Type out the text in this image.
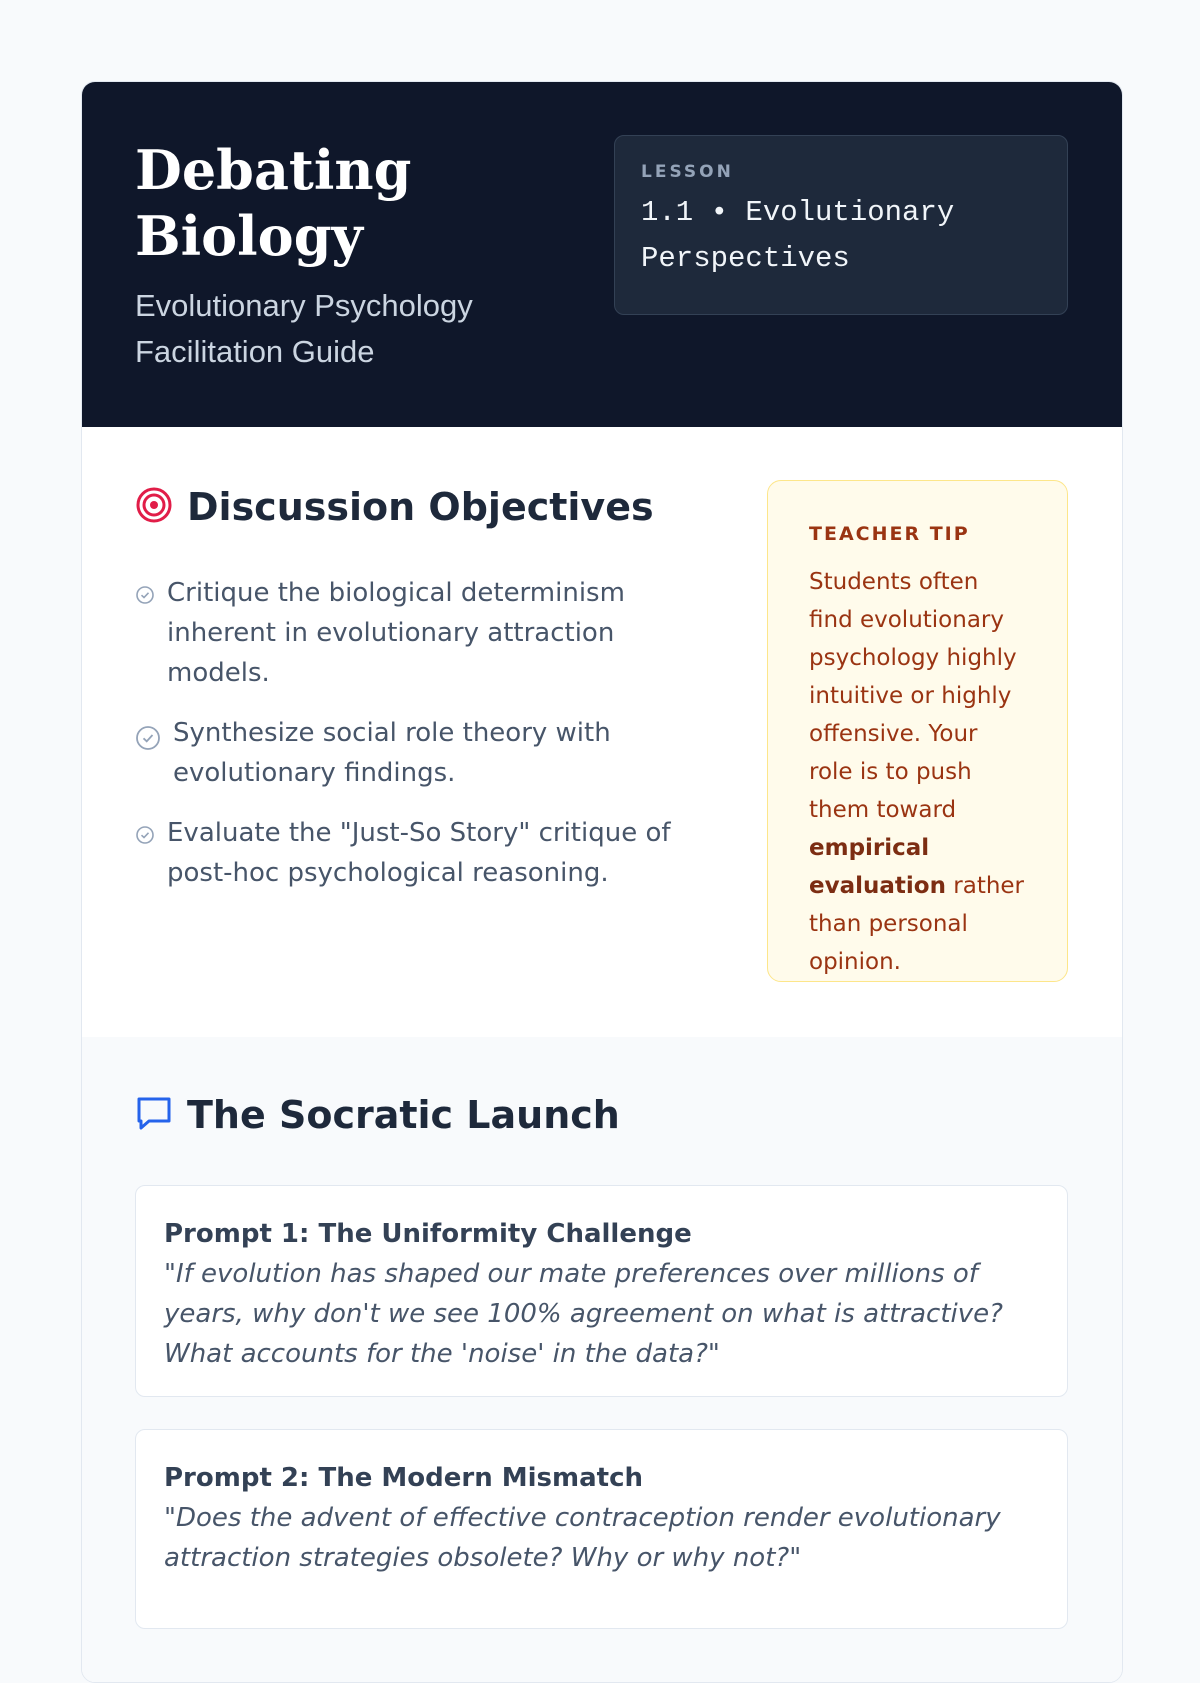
Debating Biology
Evolutionary Psychology Facilitation Guide
LESSON
1.1 • Evolutionary Perspectives
Discussion Objectives
Critique the biological determinism inherent in evolutionary attraction models.
Synthesize social role theory with evolutionary findings.
Evaluate the "Just-So Story" critique of post-hoc psychological reasoning.
TEACHER TIP
Students often find evolutionary psychology highly intuitive or highly offensive. Your role is to push them toward empirical evaluation rather than personal opinion.
The Socratic Launch
Prompt 1: The Uniformity Challenge
"If evolution has shaped our mate preferences over millions of years, why don't we see 100% agreement on what is attractive? What accounts for the 'noise' in the data?"
Prompt 2: The Modern Mismatch
"Does the advent of effective contraception render evolutionary attraction strategies obsolete? Why or why not?"
